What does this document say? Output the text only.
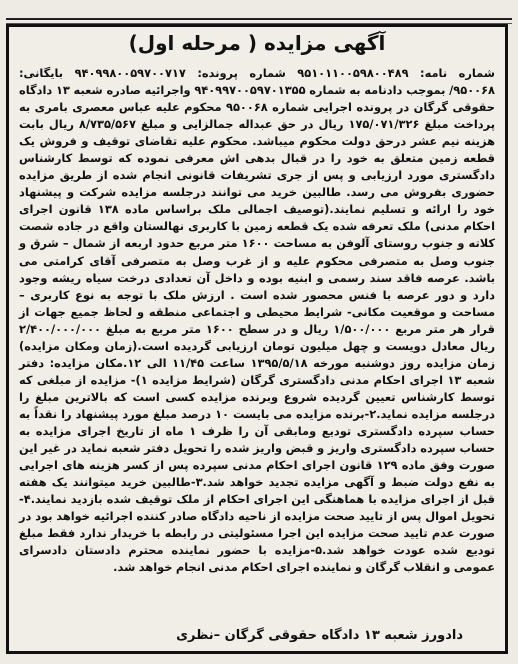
آگهی مزایده ( مرحله اول)

شماره نامه: ۹۵۱۰۱۱۰۰۵۹۸۰۰۴۸۹ شماره پرونده: ۹۴۰۹۹۸۰۰۵۹۷۰۰۷۱۷ بایگانی: ۹۵۰۰۶۸/ بموجب دادنامه به شماره ۹۴۰۹۹۷۰۰۵۹۷۰۱۳۵۵ واجرائیه صادره شعبه ۱۳ دادگاه حقوقی گرگان در پرونده اجرایی شماره ۹۵۰۰۶۸ محکوم علیه عباس معصری بامری به پرداخت مبلغ ۱۷۵/۰۷۱/۳۲۶ ریال در حق عبداله جمالزایی و مبلغ ۸/۷۳۵/۵۶۷ ریال بابت هزینه نیم عشر درحق دولت محکوم میباشد. محکوم علیه تقاضای توقیف و فروش یک قطعه زمین متعلق به خود را در قبال بدهی اش معرفی نموده که توسط کارشناس دادگستری مورد ارزیابی و پس از جری تشریفات قانونی انجام شده از طریق مزایده حضوری بفروش می رسد. طالبین خرید می توانند درجلسه مزایده شرکت و پیشنهاد خود را ارائه و تسلیم نمایند.(توصیف اجمالی ملک براساس ماده ۱۳۸ قانون اجرای احکام مدنی) ملک تعرفه شده یک قطعه زمین با کاربری نهالستان واقع در جاده شصت کلاته و جنوب روستای آلوفن به مساحت ۱۶۰۰ متر مربع حدود اربعه از شمال – شرق و جنوب وصل به متصرفی محکوم علیه و از غرب وصل به متصرفی آقای کرامتی می باشد. عرصه فاقد سند رسمی و ابنیه بوده و داخل آن تعدادی درخت سیاه ریشه وجود دارد و دور عرصه با فنس محصور شده است . ارزش ملک با توجه به نوع کاربری – مساحت و موقعیت مکانی- شرایط محیطی و اجتماعی منطقه و لحاظ جمیع جهات از قرار هر متر مربع ۱/۵۰۰/۰۰۰ ریال و در سطح ۱۶۰۰ متر مربع به مبلغ ۲/۴۰۰/۰۰۰/۰۰۰ ریال معادل دویست و چهل میلیون تومان ارزیابی گردیده است.(زمان ومکان مزایده) زمان مزایده روز دوشنبه مورخه ۱۳۹۵/۵/۱۸ ساعت ۱۱/۴۵ الی ۱۲.مکان مزایده: دفتر شعبه ۱۳ اجرای احکام مدنی دادگستری گرگان (شرایط مزایده ۱)- مزایده از مبلغی که توسط کارشناس تعیین گردیده شروع وبرنده مزایده کسی است که بالاترین مبلغ را درجلسه مزایده نماید.۲-برنده مزایده می بایست ۱۰ درصد مبلغ مورد پیشنهاد را نقداً به حساب سپرده دادگستری تودیع ومابقی آن را ظرف ۱ ماه از تاریخ اجرای مزایده به حساب سپرده دادگستری واریز و قبض واریز شده را تحویل دفتر شعبه نماید در غیر این صورت وفق ماده ۱۲۹ قانون اجرای احکام مدنی سپرده پس از کسر هزینه های اجرایی به نفع دولت ضبط و آگهی مزایده تجدید خواهد شد.۳-طالبین خرید میتوانند یک هفته قبل از اجرای مزایده با هماهنگی این اجرای احکام از ملک توقیف شده بازدید نمایند.۴-تحویل اموال پس از تایید صحت مزایده از ناحیه دادگاه صادر کننده اجرائیه خواهد بود در صورت عدم تایید صحت مزایده این اجرا مسئولیتی در رابطه با خریدار ندارد فقط مبلغ تودیع شده عودت خواهد شد.۵-مزایده با حضور نماینده محترم دادستان دادسرای عمومی و انقلاب گرگان و نماینده اجرای احکام مدنی انجام خواهد شد.

دادورز شعبه ۱۳ دادگاه حقوقی گرگان –نظری
